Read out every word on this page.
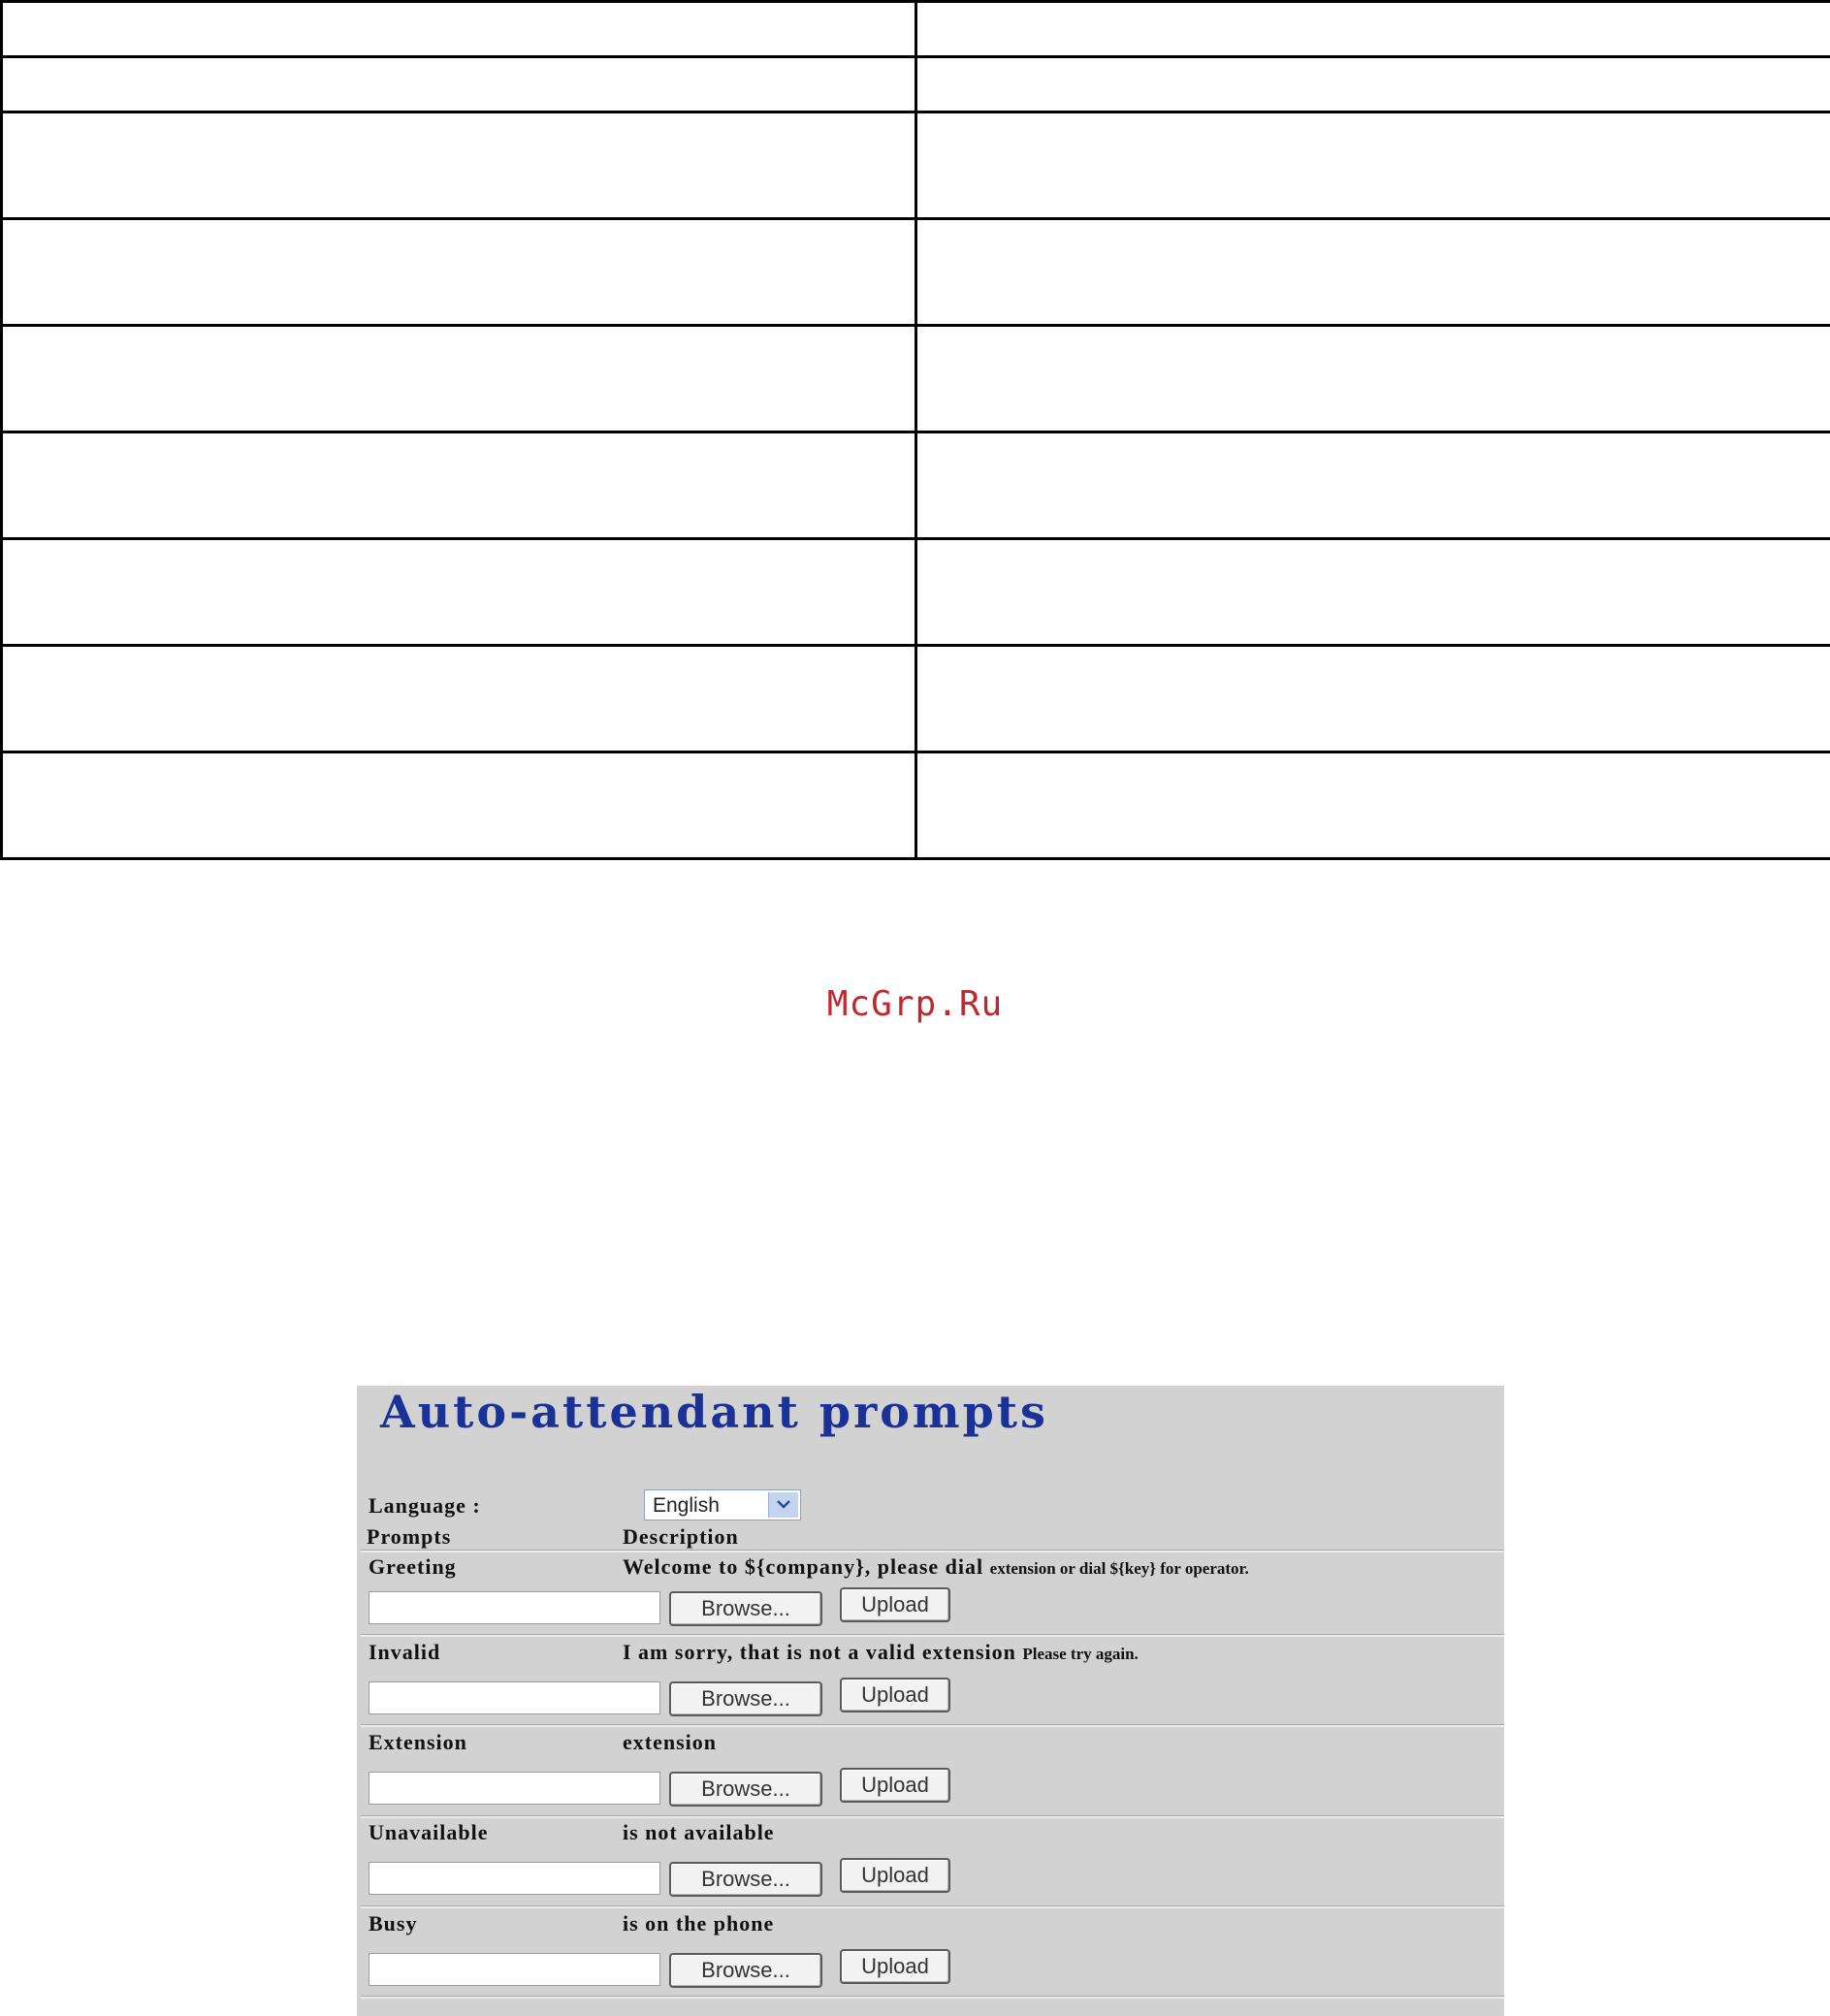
McGrp.Ru
Auto-attendant prompts
Language :	English
Prompts	Description
Greeting	Welcome to ${company}, please dial extension or dial ${key} for operator.
Browse...	Upload
Invalid	I am sorry, that is not a valid extension Please try again.
Browse...	Upload
Extension	extension
Browse...	Upload
Unavailable	is not available
Browse...	Upload
Busy	is on the phone
Browse...	Upload
